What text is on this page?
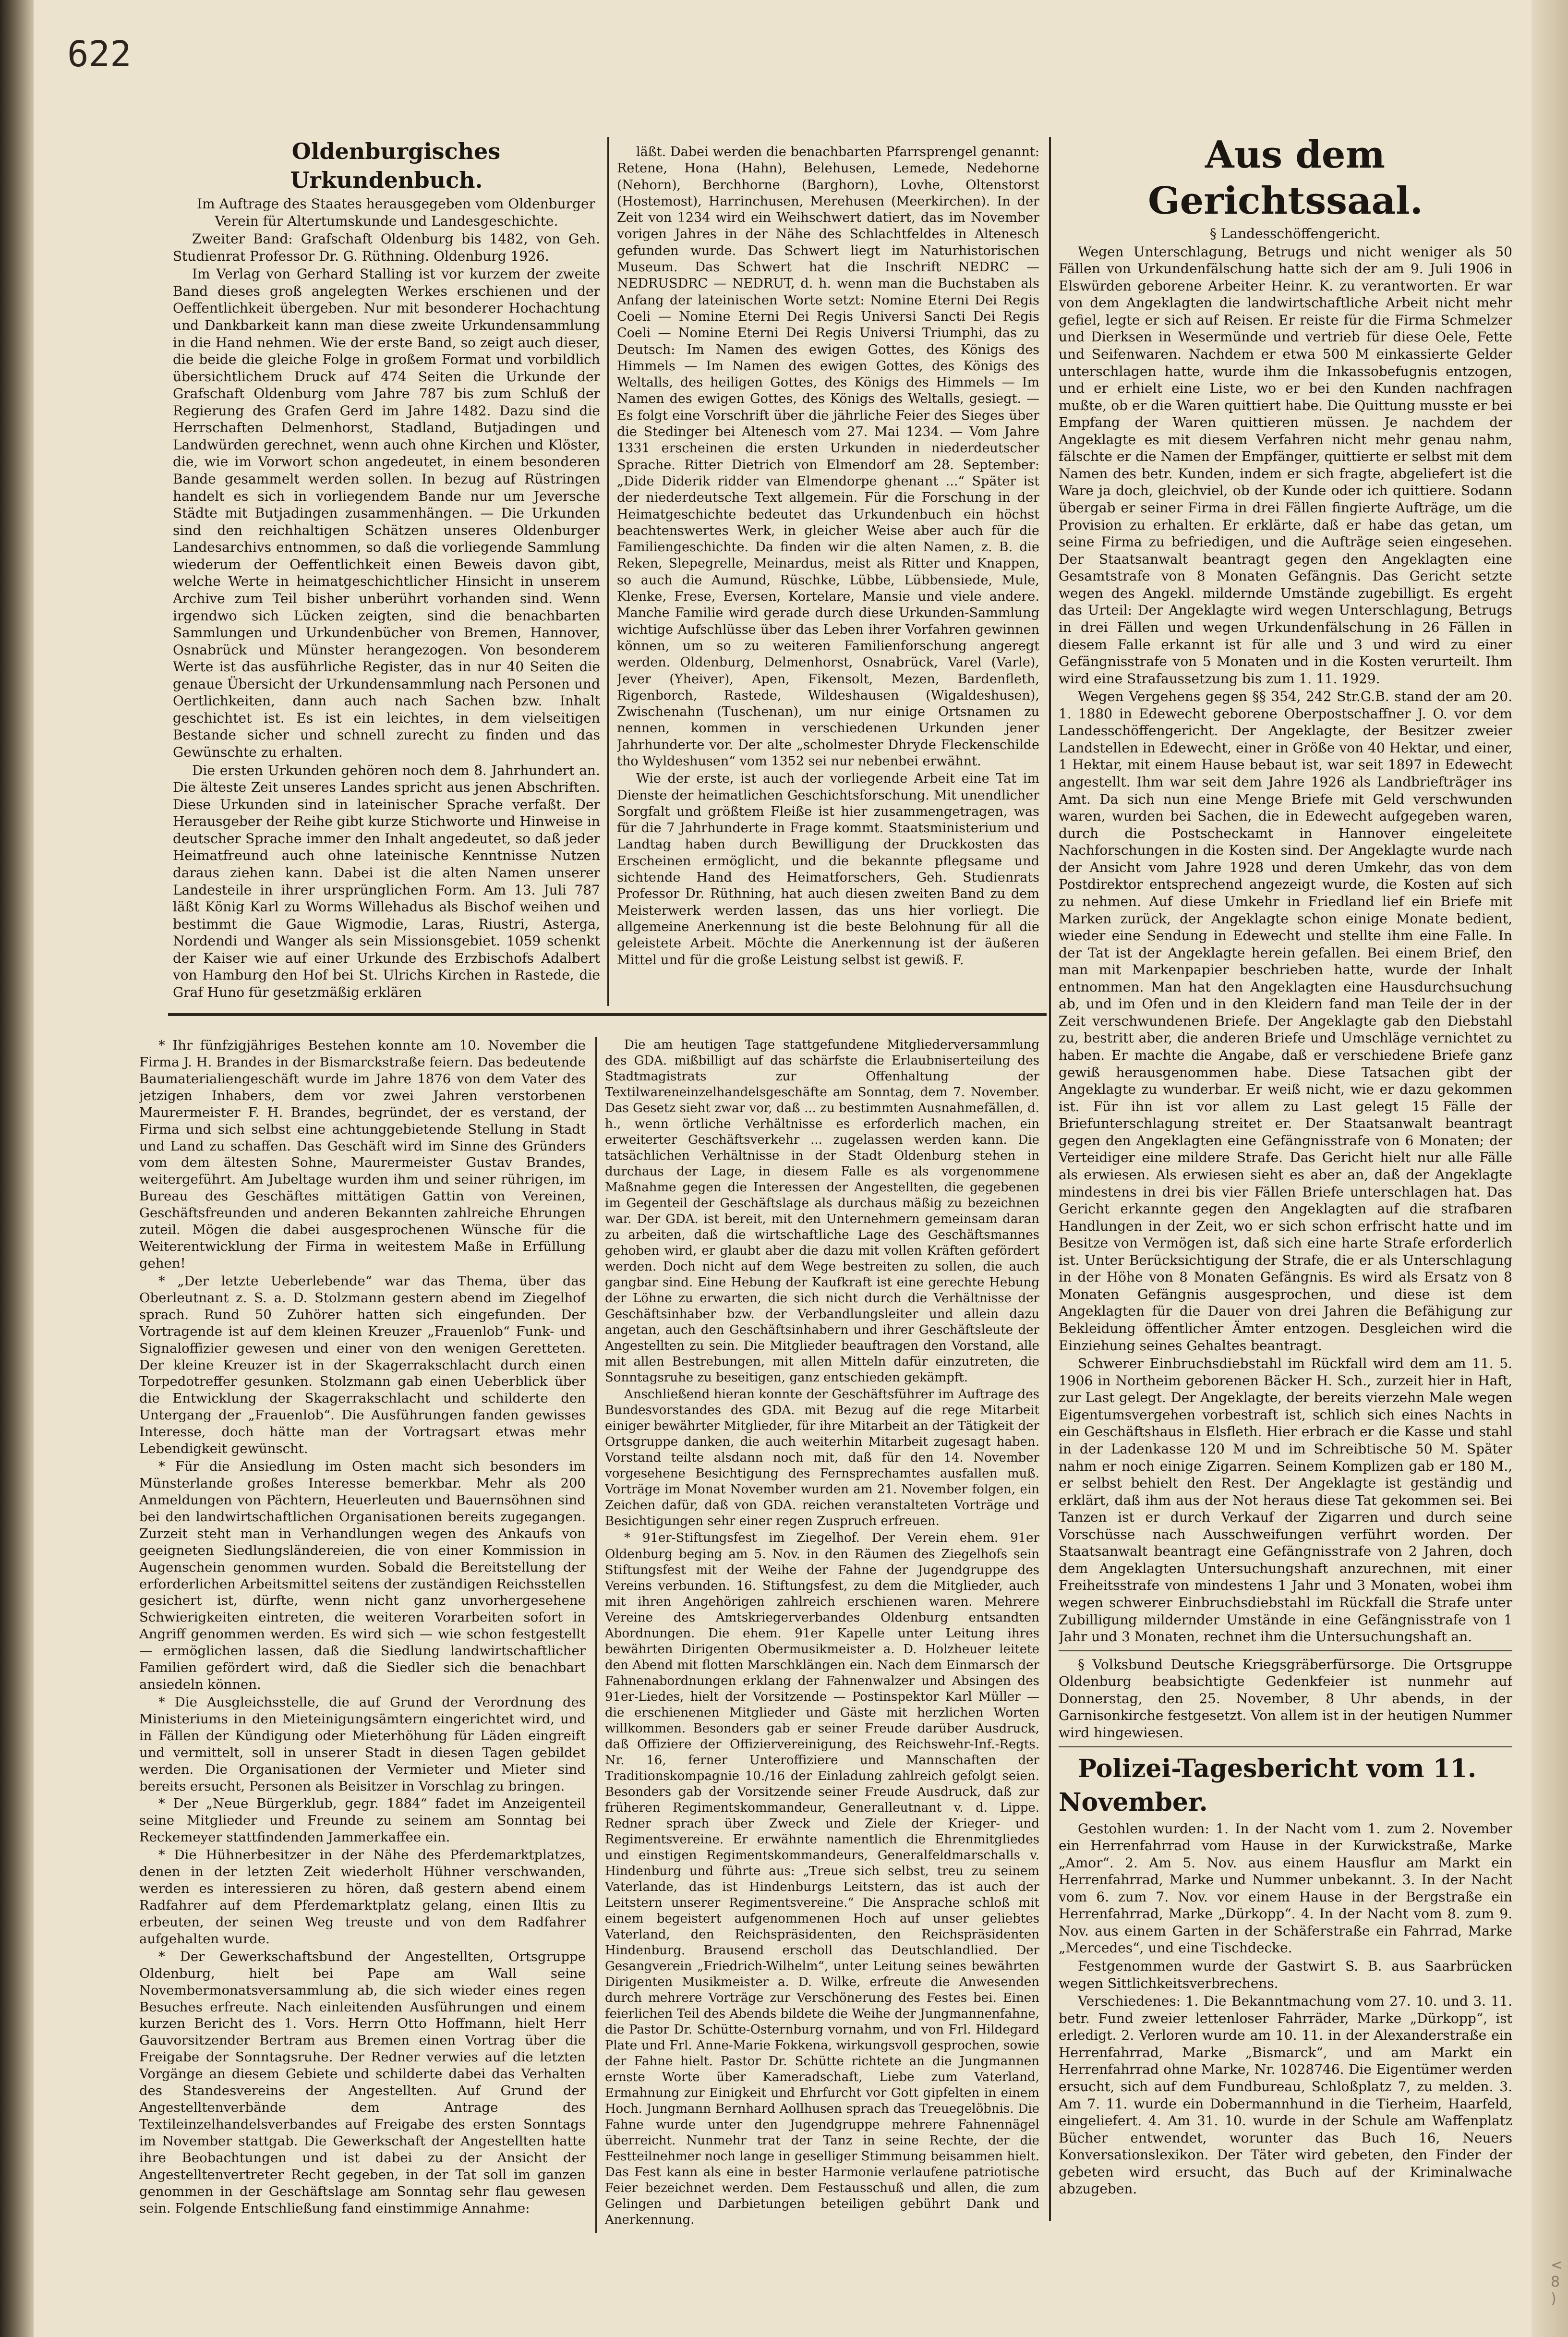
622

Oldenburgisches Urkundenbuch.

Im Auftrage des Staates herausgegeben vom Oldenburger Verein für Altertumskunde und Landesgeschichte.

Zweiter Band: Grafschaft Oldenburg bis 1482, von Geh. Studienrat Professor Dr. G. Rüthning. Oldenburg 1926.

Im Verlag von Gerhard Stalling ist vor kurzem der zweite Band dieses groß angelegten Werkes erschienen und der Oeffentlichkeit übergeben. Nur mit besonderer Hochachtung und Dankbarkeit kann man diese zweite Urkundensammlung in die Hand nehmen. Wie der erste Band, so zeigt auch dieser, die beide die gleiche Folge in großem Format und vorbildlich übersichtlichem Druck auf 474 Seiten die Urkunde der Grafschaft Oldenburg vom Jahre 787 bis zum Schluß der Regierung des Grafen Gerd im Jahre 1482. Dazu sind die Herrschaften Delmenhorst, Stadland, Butjadingen und Landwürden gerechnet, wenn auch ohne Kirchen und Klöster, die, wie im Vorwort schon angedeutet, in einem besonderen Bande gesammelt werden sollen. In bezug auf Rüstringen handelt es sich in vorliegendem Bande nur um Jeversche Städte mit Butjadingen zusammenhängen. — Die Urkunden sind den reichhaltigen Schätzen unseres Oldenburger Landesarchivs entnommen, so daß die vorliegende Sammlung wiederum der Oeffentlichkeit einen Beweis davon gibt, welche Werte in heimatgeschichtlicher Hinsicht in unserem Archive zum Teil bisher unberührt vorhanden sind. Wenn irgendwo sich Lücken zeigten, sind die benachbarten Sammlungen und Urkundenbücher von Bremen, Hannover, Osnabrück und Münster herangezogen. Von besonderem Werte ist das ausführliche Register, das in nur 40 Seiten die genaue Übersicht der Urkundensammlung nach Personen und Oertlichkeiten, dann auch nach Sachen bzw. Inhalt geschichtet ist. Es ist ein leichtes, in dem vielseitigen Bestande sicher und schnell zurecht zu finden und das Gewünschte zu erhalten.

Die ersten Urkunden gehören noch dem 8. Jahrhundert an. Die älteste Zeit unseres Landes spricht aus jenen Abschriften. Diese Urkunden sind in lateinischer Sprache verfaßt. Der Herausgeber der Reihe gibt kurze Stichworte und Hinweise in deutscher Sprache immer den Inhalt angedeutet, so daß jeder Heimatfreund auch ohne lateinische Kenntnisse Nutzen daraus ziehen kann. Dabei ist die alten Namen unserer Landesteile in ihrer ursprünglichen Form. Am 13. Juli 787 läßt König Karl zu Worms Willehadus als Bischof weihen und bestimmt die Gaue Wigmodie, Laras, Riustri, Asterga, Nordendi und Wanger als sein Missionsgebiet. 1059 schenkt der Kaiser wie auf einer Urkunde des Erzbischofs Adalbert von Hamburg den Hof bei St. Ulrichs Kirchen in Rastede, die Graf Huno für gesetzmäßig erklären

läßt. Dabei werden die benachbarten Pfarrsprengel genannt: Retene, Hona (Hahn), Belehusen, Lemede, Nedehorne (Nehorn), Berchhorne (Barghorn), Lovhe, Oltenstorst (Hostemost), Harrinchusen, Merehusen (Meerkirchen). In der Zeit von 1234 wird ein Weihschwert datiert, das im November vorigen Jahres in der Nähe des Schlachtfeldes in Altenesch gefunden wurde. Das Schwert liegt im Naturhistorischen Museum. Das Schwert hat die Inschrift NEDRC — NEDRUSDRC — NEDRUT, d. h. wenn man die Buchstaben als Anfang der lateinischen Worte setzt: Nomine Eterni Dei Regis Coeli — Nomine Eterni Dei Regis Universi Sancti Dei Regis Coeli — Nomine Eterni Dei Regis Universi Triumphi, das zu Deutsch: Im Namen des ewigen Gottes, des Königs des Himmels — Im Namen des ewigen Gottes, des Königs des Weltalls, des heiligen Gottes, des Königs des Himmels — Im Namen des ewigen Gottes, des Königs des Weltalls, gesiegt. — Es folgt eine Vorschrift über die jährliche Feier des Sieges über die Stedinger bei Altenesch vom 27. Mai 1234. — Vom Jahre 1331 erscheinen die ersten Urkunden in niederdeutscher Sprache. Ritter Dietrich von Elmendorf am 28. September: „Dide Diderik ridder van Elmendorpe ghenant ...“ Später ist der niederdeutsche Text allgemein. Für die Forschung in der Heimatgeschichte bedeutet das Urkundenbuch ein höchst beachtenswertes Werk, in gleicher Weise aber auch für die Familiengeschichte. Da finden wir die alten Namen, z. B. die Reken, Slepegrelle, Meinardus, meist als Ritter und Knappen, so auch die Aumund, Rüschke, Lübbe, Lübbensiede, Mule, Klenke, Frese, Eversen, Kortelare, Mansie und viele andere. Manche Familie wird gerade durch diese Urkunden-Sammlung wichtige Aufschlüsse über das Leben ihrer Vorfahren gewinnen können, um so zu weiteren Familienforschung angeregt werden. Oldenburg, Delmenhorst, Osnabrück, Varel (Varle), Jever (Yheiver), Apen, Fikensolt, Mezen, Bardenfleth, Rigenborch, Rastede, Wildeshausen (Wigaldeshusen), Zwischenahn (Tuschenan), um nur einige Ortsnamen zu nennen, kommen in verschiedenen Urkunden jener Jahrhunderte vor. Der alte „scholmester Dhryde Fleckenschilde tho Wyldeshusen“ vom 1352 sei nur nebenbei erwähnt.

Wie der erste, ist auch der vorliegende Arbeit eine Tat im Dienste der heimatlichen Geschichtsforschung. Mit unendlicher Sorgfalt und größtem Fleiße ist hier zusammengetragen, was für die 7 Jahrhunderte in Frage kommt. Staatsministerium und Landtag haben durch Bewilligung der Druckkosten das Erscheinen ermöglicht, und die bekannte pflegsame und sichtende Hand des Heimatforschers, Geh. Studienrats Professor Dr. Rüthning, hat auch diesen zweiten Band zu dem Meisterwerk werden lassen, das uns hier vorliegt. Die allgemeine Anerkennung ist die beste Belohnung für all die geleistete Arbeit. Möchte die Anerkennung ist der äußeren Mittel und für die große Leistung selbst ist gewiß. F.

Aus dem Gerichtssaal.

§ Landesschöffengericht.

Wegen Unterschlagung, Betrugs und nicht weniger als 50 Fällen von Urkundenfälschung hatte sich der am 9. Juli 1906 in Elswürden geborene Arbeiter Heinr. K. zu verantworten. Er war von dem Angeklagten die landwirtschaftliche Arbeit nicht mehr gefiel, legte er sich auf Reisen. Er reiste für die Firma Schmelzer und Dierksen in Wesermünde und vertrieb für diese Oele, Fette und Seifenwaren. Nachdem er etwa 500 M einkassierte Gelder unterschlagen hatte, wurde ihm die Inkassobefugnis entzogen, und er erhielt eine Liste, wo er bei den Kunden nachfragen mußte, ob er die Waren quittiert habe. Die Quittung musste er bei Empfang der Waren quittieren müssen. Je nachdem der Angeklagte es mit diesem Verfahren nicht mehr genau nahm, fälschte er die Namen der Empfänger, quittierte er selbst mit dem Namen des betr. Kunden, indem er sich fragte, abgeliefert ist die Ware ja doch, gleichviel, ob der Kunde oder ich quittiere. Sodann übergab er seiner Firma in drei Fällen fingierte Aufträge, um die Provision zu erhalten. Er erklärte, daß er habe das getan, um seine Firma zu befriedigen, und die Aufträge seien eingesehen. Der Staatsanwalt beantragt gegen den Angeklagten eine Gesamtstrafe von 8 Monaten Gefängnis. Das Gericht setzte wegen des Angekl. mildernde Umstände zugebilligt. Es ergeht das Urteil: Der Angeklagte wird wegen Unterschlagung, Betrugs in drei Fällen und wegen Urkundenfälschung in 26 Fällen in diesem Falle erkannt ist für alle und 3 und wird zu einer Gefängnisstrafe von 5 Monaten und in die Kosten verurteilt. Ihm wird eine Strafaussetzung bis zum 1. 11. 1929.

Wegen Vergehens gegen §§ 354, 242 Str.G.B. stand der am 20. 1. 1880 in Edewecht geborene Oberpostschaffner J. O. vor dem Landesschöffengericht. Der Angeklagte, der Besitzer zweier Landstellen in Edewecht, einer in Größe von 40 Hektar, und einer, 1 Hektar, mit einem Hause bebaut ist, war seit 1897 in Edewecht angestellt. Ihm war seit dem Jahre 1926 als Landbriefträger ins Amt. Da sich nun eine Menge Briefe mit Geld verschwunden waren, wurden bei Sachen, die in Edewecht aufgegeben waren, durch die Postscheckamt in Hannover eingeleitete Nachforschungen in die Kosten sind. Der Angeklagte wurde nach der Ansicht vom Jahre 1928 und deren Umkehr, das von dem Postdirektor entsprechend angezeigt wurde, die Kosten auf sich zu nehmen. Auf diese Umkehr in Friedland lief ein Briefe mit Marken zurück, der Angeklagte schon einige Monate bedient, wieder eine Sendung in Edewecht und stellte ihm eine Falle. In der Tat ist der Angeklagte herein gefallen. Bei einem Brief, den man mit Markenpapier beschrieben hatte, wurde der Inhalt entnommen. Man hat den Angeklagten eine Hausdurchsuchung ab, und im Ofen und in den Kleidern fand man Teile der in der Zeit verschwundenen Briefe. Der Angeklagte gab den Diebstahl zu, bestritt aber, die anderen Briefe und Umschläge vernichtet zu haben. Er machte die Angabe, daß er verschiedene Briefe ganz gewiß herausgenommen habe. Diese Tatsachen gibt der Angeklagte zu wunderbar. Er weiß nicht, wie er dazu gekommen ist. Für ihn ist vor allem zu Last gelegt 15 Fälle der Briefunterschlagung streitet er. Der Staatsanwalt beantragt gegen den Angeklagten eine Gefängnisstrafe von 6 Monaten; der Verteidiger eine mildere Strafe. Das Gericht hielt nur alle Fälle als erwiesen. Als erwiesen sieht es aber an, daß der Angeklagte mindestens in drei bis vier Fällen Briefe unterschlagen hat. Das Gericht erkannte gegen den Angeklagten auf die strafbaren Handlungen in der Zeit, wo er sich schon erfrischt hatte und im Besitze von Vermögen ist, daß sich eine harte Strafe erforderlich ist. Unter Berücksichtigung der Strafe, die er als Unterschlagung in der Höhe von 8 Monaten Gefängnis. Es wird als Ersatz von 8 Monaten Gefängnis ausgesprochen, und diese ist dem Angeklagten für die Dauer von drei Jahren die Befähigung zur Bekleidung öffentlicher Ämter entzogen. Desgleichen wird die Einziehung seines Gehaltes beantragt.

Schwerer Einbruchsdiebstahl im Rückfall wird dem am 11. 5. 1906 in Northeim geborenen Bäcker H. Sch., zurzeit hier in Haft, zur Last gelegt. Der Angeklagte, der bereits vierzehn Male wegen Eigentumsvergehen vorbestraft ist, schlich sich eines Nachts in ein Geschäftshaus in Elsfleth. Hier erbrach er die Kasse und stahl in der Ladenkasse 120 M und im Schreibtische 50 M. Später nahm er noch einige Zigarren. Seinem Komplizen gab er 180 M., er selbst behielt den Rest. Der Angeklagte ist geständig und erklärt, daß ihm aus der Not heraus diese Tat gekommen sei. Bei Tanzen ist er durch Verkauf der Zigarren und durch seine Vorschüsse nach Ausschweifungen verführt worden. Der Staatsanwalt beantragt eine Gefängnisstrafe von 2 Jahren, doch dem Angeklagten Untersuchungshaft anzurechnen, mit einer Freiheitsstrafe von mindestens 1 Jahr und 3 Monaten, wobei ihm wegen schwerer Einbruchsdiebstahl im Rückfall die Strafe unter Zubilligung mildernder Umstände in eine Gefängnisstrafe von 1 Jahr und 3 Monaten, rechnet ihm die Untersuchungshaft an.

§ Volksbund Deutsche Kriegsgräberfürsorge. Die Ortsgruppe Oldenburg beabsichtigte Gedenkfeier ist nunmehr auf Donnerstag, den 25. November, 8 Uhr abends, in der Garnisonkirche festgesetzt. Von allem ist in der heutigen Nummer wird hingewiesen.

Polizei-Tagesbericht vom 11. November.

Gestohlen wurden: 1. In der Nacht vom 1. zum 2. November ein Herrenfahrrad vom Hause in der Kurwickstraße, Marke „Amor“. 2. Am 5. Nov. aus einem Hausflur am Markt ein Herrenfahrrad, Marke und Nummer unbekannt. 3. In der Nacht vom 6. zum 7. Nov. vor einem Hause in der Bergstraße ein Herrenfahrrad, Marke „Dürkopp“. 4. In der Nacht vom 8. zum 9. Nov. aus einem Garten in der Schäferstraße ein Fahrrad, Marke „Mercedes“, und eine Tischdecke.

Festgenommen wurde der Gastwirt S. B. aus Saarbrücken wegen Sittlichkeitsverbrechens.

Verschiedenes: 1. Die Bekanntmachung vom 27. 10. und 3. 11. betr. Fund zweier lettenloser Fahrräder, Marke „Dürkopp“, ist erledigt. 2. Verloren wurde am 10. 11. in der Alexanderstraße ein Herrenfahrrad, Marke „Bismarck“, und am Markt ein Herrenfahrrad ohne Marke, Nr. 1028746. Die Eigentümer werden ersucht, sich auf dem Fundbureau, Schloßplatz 7, zu melden. 3. Am 7. 11. wurde ein Dobermannhund in die Tierheim, Haarfeld, eingeliefert. 4. Am 31. 10. wurde in der Schule am Waffenplatz Bücher entwendet, worunter das Buch 16, Neuers Konversationslexikon. Der Täter wird gebeten, den Finder der gebeten wird ersucht, das Buch auf der Kriminalwache abzugeben.

* Ihr fünfzigjähriges Bestehen konnte am 10. November die Firma J. H. Brandes in der Bismarckstraße feiern. Das bedeutende Baumaterialiengeschäft wurde im Jahre 1876 von dem Vater des jetzigen Inhabers, dem vor zwei Jahren verstorbenen Maurermeister F. H. Brandes, begründet, der es verstand, der Firma und sich selbst eine achtunggebietende Stellung in Stadt und Land zu schaffen. Das Geschäft wird im Sinne des Gründers vom dem ältesten Sohne, Maurermeister Gustav Brandes, weitergeführt. Am Jubeltage wurden ihm und seiner rührigen, im Bureau des Geschäftes mittätigen Gattin von Vereinen, Geschäftsfreunden und anderen Bekannten zahlreiche Ehrungen zuteil. Mögen die dabei ausgesprochenen Wünsche für die Weiterentwicklung der Firma in weitestem Maße in Erfüllung gehen!

* „Der letzte Ueberlebende“ war das Thema, über das Oberleutnant z. S. a. D. Stolzmann gestern abend im Ziegelhof sprach. Rund 50 Zuhörer hatten sich eingefunden. Der Vortragende ist auf dem kleinen Kreuzer „Frauenlob“ Funk- und Signaloffizier gewesen und einer von den wenigen Geretteten. Der kleine Kreuzer ist in der Skagerrakschlacht durch einen Torpedotreffer gesunken. Stolzmann gab einen Ueberblick über die Entwicklung der Skagerrakschlacht und schilderte den Untergang der „Frauenlob“. Die Ausführungen fanden gewisses Interesse, doch hätte man der Vortragsart etwas mehr Lebendigkeit gewünscht.

* Für die Ansiedlung im Osten macht sich besonders im Münsterlande großes Interesse bemerkbar. Mehr als 200 Anmeldungen von Pächtern, Heuerleuten und Bauernsöhnen sind bei den landwirtschaftlichen Organisationen bereits zugegangen. Zurzeit steht man in Verhandlungen wegen des Ankaufs von geeigneten Siedlungsländereien, die von einer Kommission in Augenschein genommen wurden. Sobald die Bereitstellung der erforderlichen Arbeitsmittel seitens der zuständigen Reichsstellen gesichert ist, dürfte, wenn nicht ganz unvorhergesehene Schwierigkeiten eintreten, die weiteren Vorarbeiten sofort in Angriff genommen werden. Es wird sich — wie schon festgestellt — ermöglichen lassen, daß die Siedlung landwirtschaftlicher Familien gefördert wird, daß die Siedler sich die benachbart ansiedeln können.

* Die Ausgleichsstelle, die auf Grund der Verordnung des Ministeriums in den Mieteinigungsämtern eingerichtet wird, und in Fällen der Kündigung oder Mieterhöhung für Läden eingreift und vermittelt, soll in unserer Stadt in diesen Tagen gebildet werden. Die Organisationen der Vermieter und Mieter sind bereits ersucht, Personen als Beisitzer in Vorschlag zu bringen.

* Der „Neue Bürgerklub, gegr. 1884“ fadet im Anzeigenteil seine Mitglieder und Freunde zu seinem am Sonntag bei Reckemeyer stattfindenden Jammerkaffee ein.

* Die Hühnerbesitzer in der Nähe des Pferdemarktplatzes, denen in der letzten Zeit wiederholt Hühner verschwanden, werden es interessieren zu hören, daß gestern abend einem Radfahrer auf dem Pferdemarktplatz gelang, einen Iltis zu erbeuten, der seinen Weg treuste und von dem Radfahrer aufgehalten wurde.

* Der Gewerkschaftsbund der Angestellten, Ortsgruppe Oldenburg, hielt bei Pape am Wall seine Novembermonatsversammlung ab, die sich wieder eines regen Besuches erfreute. Nach einleitenden Ausführungen und einem kurzen Bericht des 1. Vors. Herrn Otto Hoffmann, hielt Herr Gauvorsitzender Bertram aus Bremen einen Vortrag über die Freigabe der Sonntagsruhe. Der Redner verwies auf die letzten Vorgänge an diesem Gebiete und schilderte dabei das Verhalten des Standesvereins der Angestellten. Auf Grund der Angestelltenverbände dem Antrage des Textileinzelhandelsverbandes auf Freigabe des ersten Sonntags im November stattgab. Die Gewerkschaft der Angestellten hatte ihre Beobachtungen und ist dabei zu der Ansicht der Angestelltenvertreter Recht gegeben, in der Tat soll im ganzen genommen in der Geschäftslage am Sonntag sehr flau gewesen sein. Folgende Entschließung fand einstimmige Annahme:

Die am heutigen Tage stattgefundene Mitgliederversammlung des GDA. mißbilligt auf das schärfste die Erlaubniserteilung des Stadtmagistrats zur Offenhaltung der Textilwareneinzelhandelsgeschäfte am Sonntag, dem 7. November. Das Gesetz sieht zwar vor, daß ... zu bestimmten Ausnahmefällen, d. h., wenn örtliche Verhältnisse es erforderlich machen, ein erweiterter Geschäftsverkehr ... zugelassen werden kann. Die tatsächlichen Verhältnisse in der Stadt Oldenburg stehen in durchaus der Lage, in diesem Falle es als vorgenommene Maßnahme gegen die Interessen der Angestellten, die gegebenen im Gegenteil der Geschäftslage als durchaus mäßig zu bezeichnen war. Der GDA. ist bereit, mit den Unternehmern gemeinsam daran zu arbeiten, daß die wirtschaftliche Lage des Geschäftsmannes gehoben wird, er glaubt aber die dazu mit vollen Kräften gefördert werden. Doch nicht auf dem Wege bestreiten zu sollen, die auch gangbar sind. Eine Hebung der Kaufkraft ist eine gerechte Hebung der Löhne zu erwarten, die sich nicht durch die Verhältnisse der Geschäftsinhaber bzw. der Verbandlungsleiter und allein dazu angetan, auch den Geschäftsinhabern und ihrer Geschäftsleute der Angestellten zu sein. Die Mitglieder beauftragen den Vorstand, alle mit allen Bestrebungen, mit allen Mitteln dafür einzutreten, die Sonntagsruhe zu beseitigen, ganz entschieden gekämpft.

Anschließend hieran konnte der Geschäftsführer im Auftrage des Bundesvorstandes des GDA. mit Bezug auf die rege Mitarbeit einiger bewährter Mitglieder, für ihre Mitarbeit an der Tätigkeit der Ortsgruppe danken, die auch weiterhin Mitarbeit zugesagt haben. Vorstand teilte alsdann noch mit, daß für den 14. November vorgesehene Besichtigung des Fernsprechamtes ausfallen muß. Vorträge im Monat November wurden am 21. November folgen, ein Zeichen dafür, daß von GDA. reichen veranstalteten Vorträge und Besichtigungen sehr einer regen Zuspruch erfreuen.

* 91er-Stiftungsfest im Ziegelhof. Der Verein ehem. 91er Oldenburg beging am 5. Nov. in den Räumen des Ziegelhofs sein Stiftungsfest mit der Weihe der Fahne der Jugendgruppe des Vereins verbunden. 16. Stiftungsfest, zu dem die Mitglieder, auch mit ihren Angehörigen zahlreich erschienen waren. Mehrere Vereine des Amtskriegerverbandes Oldenburg entsandten Abordnungen. Die ehem. 91er Kapelle unter Leitung ihres bewährten Dirigenten Obermusikmeister a. D. Holzheuer leitete den Abend mit flotten Marschklängen ein. Nach dem Einmarsch der Fahnenabordnungen erklang der Fahnenwalzer und Absingen des 91er-Liedes, hielt der Vorsitzende — Postinspektor Karl Müller — die erschienenen Mitglieder und Gäste mit herzlichen Worten willkommen. Besonders gab er seiner Freude darüber Ausdruck, daß Offiziere der Offiziervereinigung, des Reichswehr-Inf.-Regts. Nr. 16, ferner Unteroffiziere und Mannschaften der Traditionskompagnie 10./16 der Einladung zahlreich gefolgt seien. Besonders gab der Vorsitzende seiner Freude Ausdruck, daß zur früheren Regimentskommandeur, Generalleutnant v. d. Lippe. Redner sprach über Zweck und Ziele der Krieger- und Regimentsvereine. Er erwähnte namentlich die Ehrenmitgliedes und einstigen Regimentskommandeurs, Generalfeldmarschalls v. Hindenburg und führte aus: „Treue sich selbst, treu zu seinem Vaterlande, das ist Hindenburgs Leitstern, das ist auch der Leitstern unserer Regimentsvereine.“ Die Ansprache schloß mit einem begeistert aufgenommenen Hoch auf unser geliebtes Vaterland, den Reichspräsidenten, den Reichspräsidenten Hindenburg. Brausend erscholl das Deutschlandlied. Der Gesangverein „Friedrich-Wilhelm“, unter Leitung seines bewährten Dirigenten Musikmeister a. D. Wilke, erfreute die Anwesenden durch mehrere Vorträge zur Verschönerung des Festes bei. Einen feierlichen Teil des Abends bildete die Weihe der Jungmannenfahne, die Pastor Dr. Schütte-Osternburg vornahm, und von Frl. Hildegard Plate und Frl. Anne-Marie Fokkena, wirkungsvoll gesprochen, sowie der Fahne hielt. Pastor Dr. Schütte richtete an die Jungmannen ernste Worte über Kameradschaft, Liebe zum Vaterland, Ermahnung zur Einigkeit und Ehrfurcht vor Gott gipfelten in einem Hoch. Jungmann Bernhard Aollhusen sprach das Treuegelöbnis. Die Fahne wurde unter den Jugendgruppe mehrere Fahnennägel überreicht. Nunmehr trat der Tanz in seine Rechte, der die Festteilnehmer noch lange in geselliger Stimmung beisammen hielt. Das Fest kann als eine in bester Harmonie verlaufene patriotische Feier bezeichnet werden. Dem Festausschuß und allen, die zum Gelingen und Darbietungen beteiligen gebührt Dank und Anerkennung.

< 8 )
